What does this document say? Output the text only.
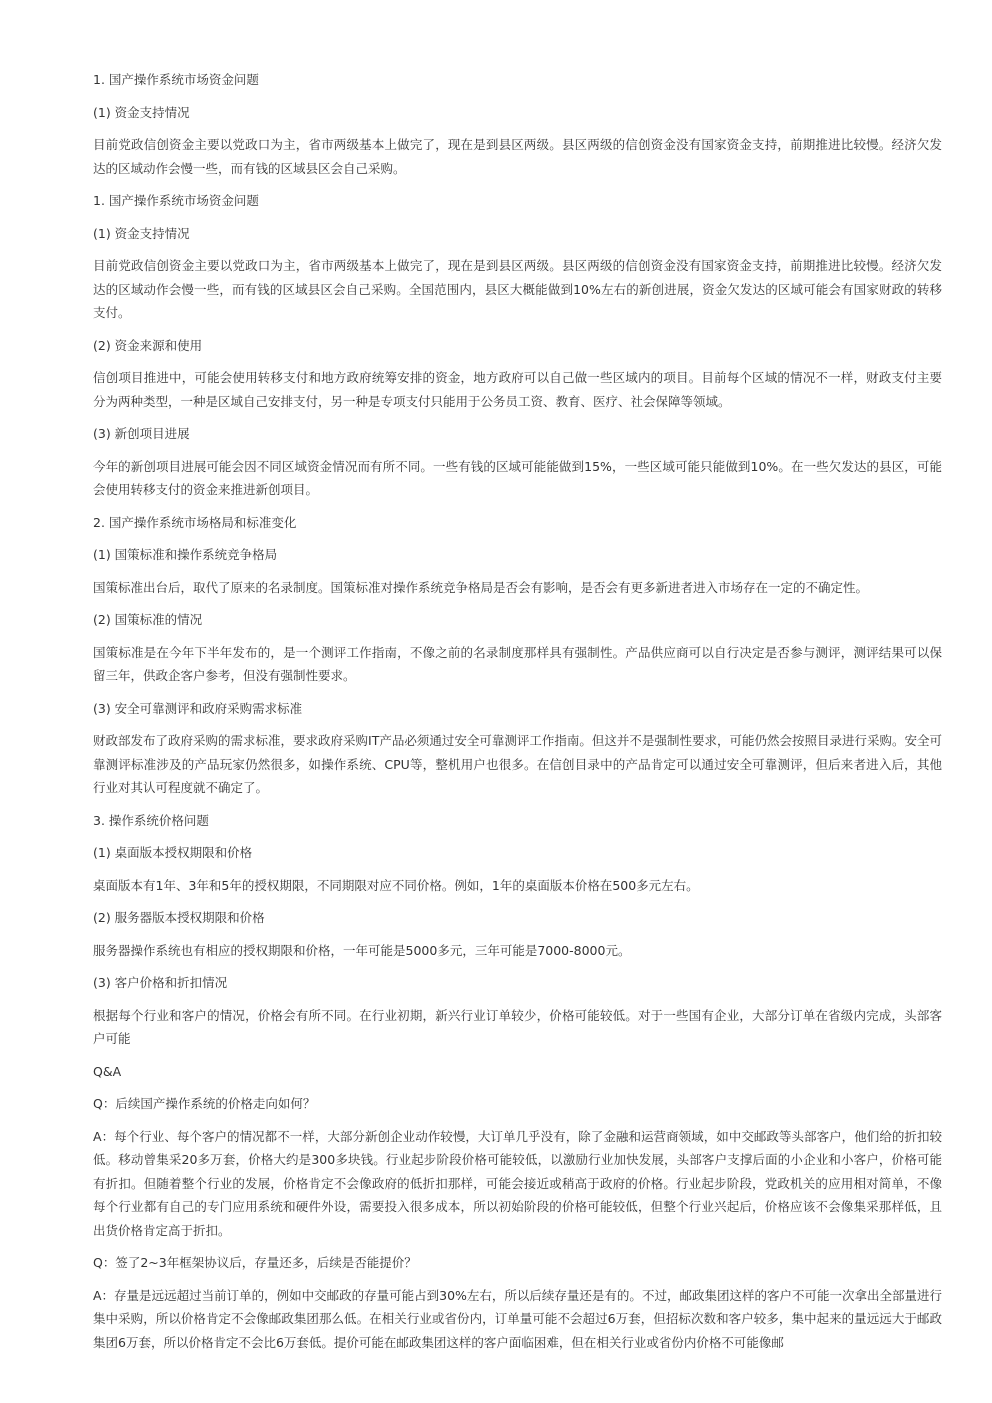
1. 国产操作系统市场资金问题

(1) 资金支持情况

目前党政信创资金主要以党政口为主，省市两级基本上做完了，现在是到县区两级。县区两级的信创资金没有国家资金支持，前期推进比较慢。经济欠发达的区域动作会慢一些，而有钱的区域县区会自己采购。

1. 国产操作系统市场资金问题

(1) 资金支持情况

目前党政信创资金主要以党政口为主，省市两级基本上做完了，现在是到县区两级。县区两级的信创资金没有国家资金支持，前期推进比较慢。经济欠发达的区域动作会慢一些，而有钱的区域县区会自己采购。全国范围内，县区大概能做到10%左右的新创进展，资金欠发达的区域可能会有国家财政的转移支付。

(2) 资金来源和使用

信创项目推进中，可能会使用转移支付和地方政府统筹安排的资金，地方政府可以自己做一些区域内的项目。目前每个区域的情况不一样，财政支付主要分为两种类型，一种是区域自己安排支付，另一种是专项支付只能用于公务员工资、教育、医疗、社会保障等领域。

(3) 新创项目进展

今年的新创项目进展可能会因不同区域资金情况而有所不同。一些有钱的区域可能能做到15%，一些区域可能只能做到10%。在一些欠发达的县区，可能会使用转移支付的资金来推进新创项目。

2. 国产操作系统市场格局和标准变化

(1) 国策标准和操作系统竞争格局

国策标准出台后，取代了原来的名录制度。国策标准对操作系统竞争格局是否会有影响，是否会有更多新进者进入市场存在一定的不确定性。

(2) 国策标准的情况

国策标准是在今年下半年发布的，是一个测评工作指南，不像之前的名录制度那样具有强制性。产品供应商可以自行决定是否参与测评，测评结果可以保留三年，供政企客户参考，但没有强制性要求。

(3) 安全可靠测评和政府采购需求标准

财政部发布了政府采购的需求标准，要求政府采购IT产品必须通过安全可靠测评工作指南。但这并不是强制性要求，可能仍然会按照目录进行采购。安全可靠测评标准涉及的产品玩家仍然很多，如操作系统、CPU等，整机用户也很多。在信创目录中的产品肯定可以通过安全可靠测评，但后来者进入后，其他行业对其认可程度就不确定了。

3. 操作系统价格问题

(1) 桌面版本授权期限和价格

桌面版本有1年、3年和5年的授权期限，不同期限对应不同价格。例如，1年的桌面版本价格在500多元左右。

(2) 服务器版本授权期限和价格

服务器操作系统也有相应的授权期限和价格，一年可能是5000多元，三年可能是7000-8000元。

(3) 客户价格和折扣情况

根据每个行业和客户的情况，价格会有所不同。在行业初期，新兴行业订单较少，价格可能较低。对于一些国有企业，大部分订单在省级内完成，头部客户可能

Q&A

Q：后续国产操作系统的价格走向如何？

A：每个行业、每个客户的情况都不一样，大部分新创企业动作较慢，大订单几乎没有，除了金融和运营商领域，如中交邮政等头部客户，他们给的折扣较低。移动曾集采20多万套，价格大约是300多块钱。行业起步阶段价格可能较低，以激励行业加快发展，头部客户支撑后面的小企业和小客户，价格可能有折扣。但随着整个行业的发展，价格肯定不会像政府的低折扣那样，可能会接近或稍高于政府的价格。行业起步阶段，党政机关的应用相对简单，不像每个行业都有自己的专门应用系统和硬件外设，需要投入很多成本，所以初始阶段的价格可能较低，但整个行业兴起后，价格应该不会像集采那样低，且出货价格肯定高于折扣。

Q：签了2~3年框架协议后，存量还多，后续是否能提价？

A：存量是远远超过当前订单的，例如中交邮政的存量可能占到30%左右，所以后续存量还是有的。不过，邮政集团这样的客户不可能一次拿出全部量进行集中采购，所以价格肯定不会像邮政集团那么低。在相关行业或省份内，订单量可能不会超过6万套，但招标次数和客户较多，集中起来的量远远大于邮政集团6万套，所以价格肯定不会比6万套低。提价可能在邮政集团这样的客户面临困难，但在相关行业或省份内价格不可能像邮
